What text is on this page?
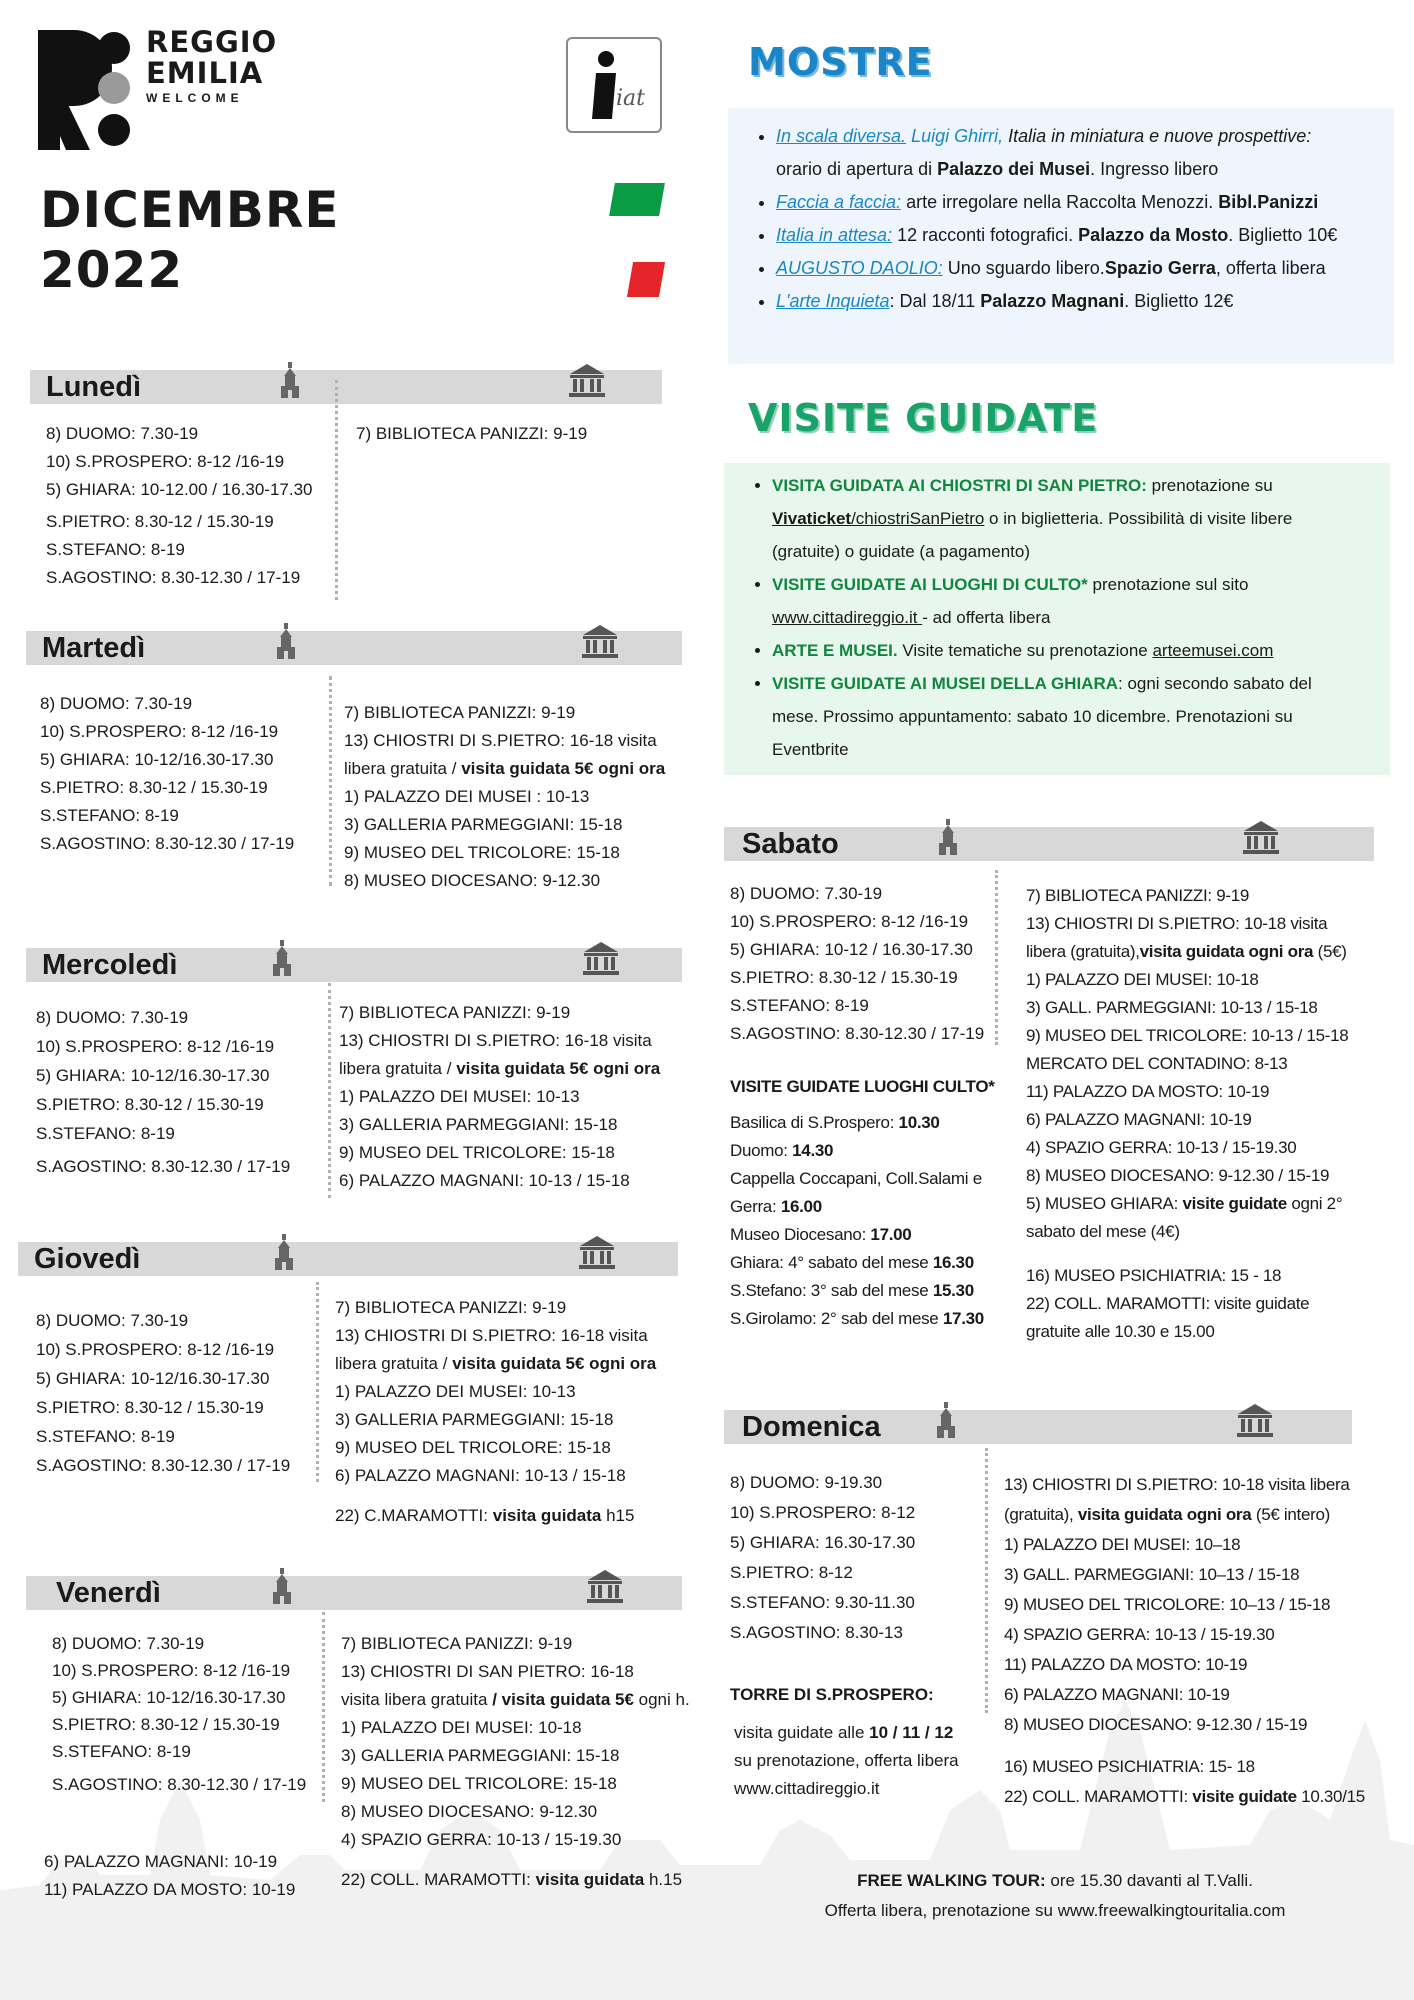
REGGIO
EMILIA
WELCOME
DICEMBRE
2022
iat
MOSTRE
• In scala diversa. Luigi Ghirri, Italia in miniatura e nuove prospettive:
orario di apertura di Palazzo dei Musei. Ingresso libero
• Faccia a faccia: arte irregolare nella Raccolta Menozzi. Bibl.Panizzi
• Italia in attesa: 12 racconti fotografici. Palazzo da Mosto. Biglietto 10€
• AUGUSTO DAOLIO: Uno sguardo libero.Spazio Gerra, offerta libera
• L'arte Inquieta: Dal 18/11 Palazzo Magnani. Biglietto 12€
VISITE GUIDATE
• VISITA GUIDATA AI CHIOSTRI DI SAN PIETRO: prenotazione su
Vivaticket/chiostriSanPietro o in biglietteria. Possibilità di visite libere
(gratuite) o guidate (a pagamento)
• VISITE GUIDATE AI LUOGHI DI CULTO* prenotazione sul sito
www.cittadireggio.it - ad offerta libera
• ARTE E MUSEI. Visite tematiche su prenotazione arteemusei.com
• VISITE GUIDATE AI MUSEI DELLA GHIARA: ogni secondo sabato del
mese. Prossimo appuntamento: sabato 10 dicembre. Prenotazioni su
Eventbrite
Lunedì
8) DUOMO: 7.30-19
10) S.PROSPERO: 8-12 /16-19
5) GHIARA: 10-12.00 / 16.30-17.30
S.PIETRO: 8.30-12 / 15.30-19
S.STEFANO: 8-19
S.AGOSTINO: 8.30-12.30 / 17-19
7) BIBLIOTECA PANIZZI: 9-19
Martedì
8) DUOMO: 7.30-19
10) S.PROSPERO: 8-12 /16-19
5) GHIARA: 10-12/16.30-17.30
S.PIETRO: 8.30-12 / 15.30-19
S.STEFANO: 8-19
S.AGOSTINO: 8.30-12.30 / 17-19
7) BIBLIOTECA PANIZZI: 9-19
13) CHIOSTRI DI S.PIETRO: 16-18 visita
libera gratuita / visita guidata 5€ ogni ora
1) PALAZZO DEI MUSEI : 10-13
3) GALLERIA PARMEGGIANI: 15-18
9) MUSEO DEL TRICOLORE: 15-18
8) MUSEO DIOCESANO: 9-12.30
Mercoledì
8) DUOMO: 7.30-19
10) S.PROSPERO: 8-12 /16-19
5) GHIARA: 10-12/16.30-17.30
S.PIETRO: 8.30-12 / 15.30-19
S.STEFANO: 8-19
S.AGOSTINO: 8.30-12.30 / 17-19
7) BIBLIOTECA PANIZZI: 9-19
13) CHIOSTRI DI S.PIETRO: 16-18 visita
libera gratuita / visita guidata 5€ ogni ora
1) PALAZZO DEI MUSEI: 10-13
3) GALLERIA PARMEGGIANI: 15-18
9) MUSEO DEL TRICOLORE: 15-18
6) PALAZZO MAGNANI: 10-13 / 15-18
Giovedì
8) DUOMO: 7.30-19
10) S.PROSPERO: 8-12 /16-19
5) GHIARA: 10-12/16.30-17.30
S.PIETRO: 8.30-12 / 15.30-19
S.STEFANO: 8-19
S.AGOSTINO: 8.30-12.30 / 17-19
7) BIBLIOTECA PANIZZI: 9-19
13) CHIOSTRI DI S.PIETRO: 16-18 visita
libera gratuita / visita guidata 5€ ogni ora
1) PALAZZO DEI MUSEI: 10-13
3) GALLERIA PARMEGGIANI: 15-18
9) MUSEO DEL TRICOLORE: 15-18
6) PALAZZO MAGNANI: 10-13 / 15-18
22) C.MARAMOTTI: visita guidata h15
Venerdì
8) DUOMO: 7.30-19
10) S.PROSPERO: 8-12 /16-19
5) GHIARA: 10-12/16.30-17.30
S.PIETRO: 8.30-12 / 15.30-19
S.STEFANO: 8-19
S.AGOSTINO: 8.30-12.30 / 17-19
6) PALAZZO MAGNANI: 10-19
11) PALAZZO DA MOSTO: 10-19
7) BIBLIOTECA PANIZZI: 9-19
13) CHIOSTRI DI SAN PIETRO: 16-18
visita libera gratuita / visita guidata 5€ ogni h.
1) PALAZZO DEI MUSEI: 10-18
3) GALLERIA PARMEGGIANI: 15-18
9) MUSEO DEL TRICOLORE: 15-18
8) MUSEO DIOCESANO: 9-12.30
4) SPAZIO GERRA: 10-13 / 15-19.30
22) COLL. MARAMOTTI: visita guidata h.15
Sabato
8) DUOMO: 7.30-19
10) S.PROSPERO: 8-12 /16-19
5) GHIARA: 10-12 / 16.30-17.30
S.PIETRO: 8.30-12 / 15.30-19
S.STEFANO: 8-19
S.AGOSTINO: 8.30-12.30 / 17-19
VISITE GUIDATE LUOGHI CULTO*
Basilica di S.Prospero: 10.30
Duomo: 14.30
Cappella Coccapani, Coll.Salami e
Gerra: 16.00
Museo Diocesano: 17.00
Ghiara: 4° sabato del mese 16.30
S.Stefano: 3° sab del mese 15.30
S.Girolamo: 2° sab del mese 17.30
7) BIBLIOTECA PANIZZI: 9-19
13) CHIOSTRI DI S.PIETRO: 10-18 visita
libera (gratuita),visita guidata ogni ora (5€)
1) PALAZZO DEI MUSEI: 10-18
3) GALL. PARMEGGIANI: 10-13 / 15-18
9) MUSEO DEL TRICOLORE: 10-13 / 15-18
MERCATO DEL CONTADINO: 8-13
11) PALAZZO DA MOSTO: 10-19
6) PALAZZO MAGNANI: 10-19
4) SPAZIO GERRA: 10-13 / 15-19.30
8) MUSEO DIOCESANO: 9-12.30 / 15-19
5) MUSEO GHIARA: visite guidate ogni 2°
sabato del mese (4€)
16) MUSEO PSICHIATRIA: 15 - 18
22) COLL. MARAMOTTI: visite guidate
gratuite alle 10.30 e 15.00
Domenica
8) DUOMO: 9-19.30
10) S.PROSPERO: 8-12
5) GHIARA: 16.30-17.30
S.PIETRO: 8-12
S.STEFANO: 9.30-11.30
S.AGOSTINO: 8.30-13
TORRE DI S.PROSPERO:
visita guidate alle 10 / 11 / 12
su prenotazione, offerta libera
www.cittadireggio.it
13) CHIOSTRI DI S.PIETRO: 10-18 visita libera
(gratuita), visita guidata ogni ora (5€ intero)
1) PALAZZO DEI MUSEI: 10–18
3) GALL. PARMEGGIANI: 10–13 / 15-18
9) MUSEO DEL TRICOLORE: 10–13 / 15-18
4) SPAZIO GERRA: 10-13 / 15-19.30
11) PALAZZO DA MOSTO: 10-19
6) PALAZZO MAGNANI: 10-19
8) MUSEO DIOCESANO: 9-12.30 / 15-19
16) MUSEO PSICHIATRIA: 15- 18
22) COLL. MARAMOTTI: visite guidate 10.30/15
FREE WALKING TOUR: ore 15.30 davanti al T.Valli.
Offerta libera, prenotazione su www.freewalkingtouritalia.com
